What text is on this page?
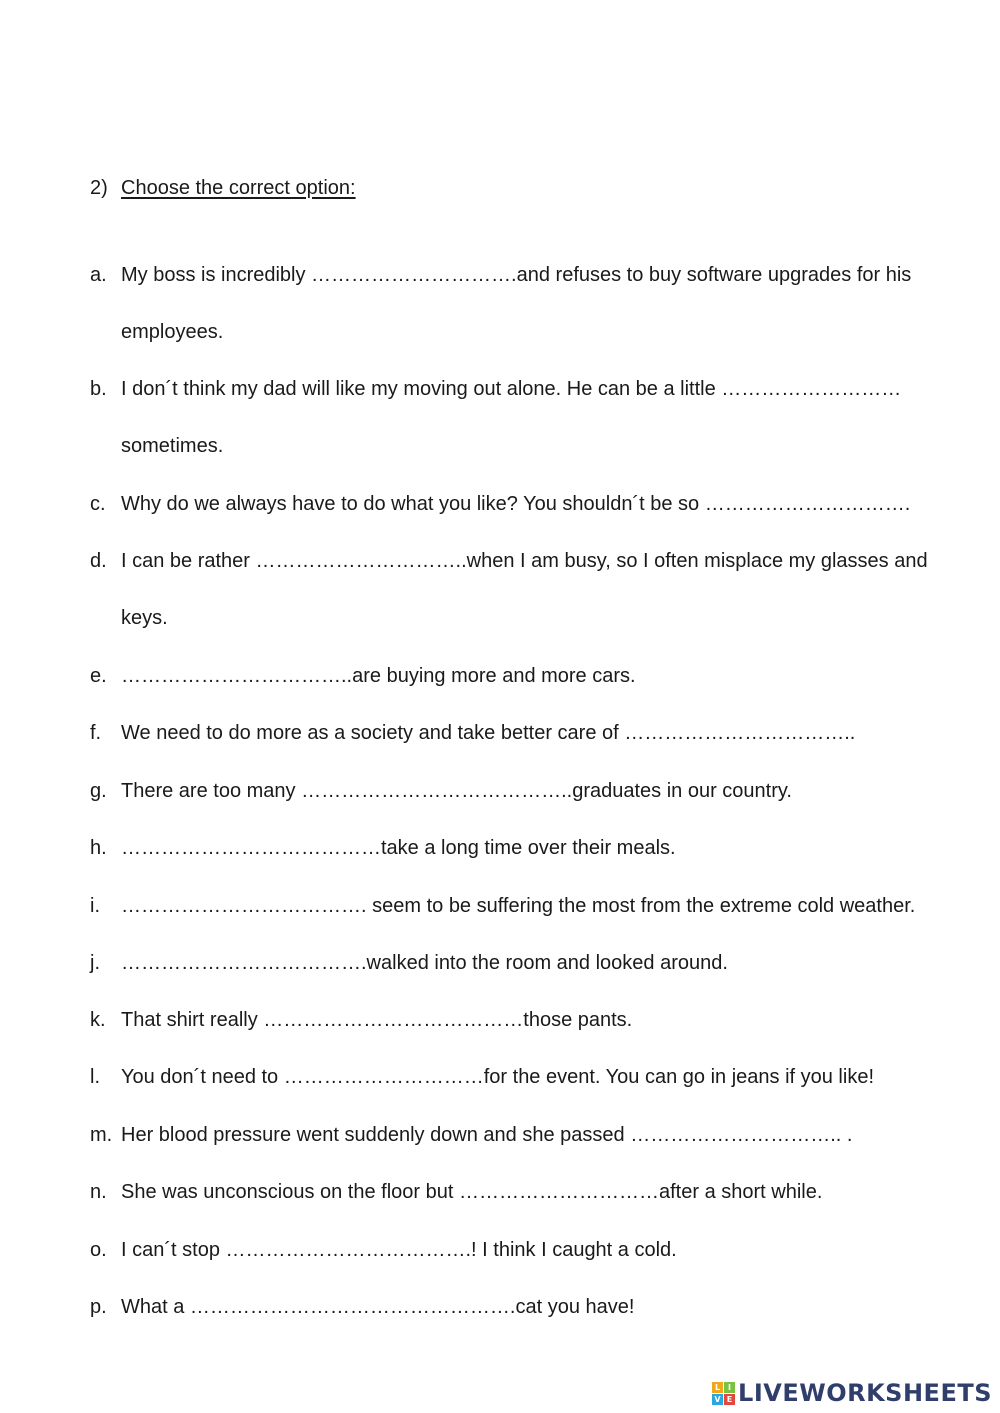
2) Choose the correct option:
a. My boss is incredibly ………………………….and refuses to buy software upgrades for his
employees.
b. I don´t think my dad will like my moving out alone. He can be a little ………………………
sometimes.
c. Why do we always have to do what you like? You shouldn´t be so ………………………….
d. I can be rather …………………………..when I am busy, so I often misplace my glasses and
keys.
e. ……………………………..are buying more and more cars.
f. We need to do more as a society and take better care of ……………………………..
g. There are too many …………………………………..graduates in our country.
h. …………………………………take a long time over their meals.
i.	………………………………. seem to be suffering the most from the extreme cold weather.
j.	……………………………….walked into the room and looked around.
k. That shirt really …………………………………those pants.
l.	You don´t need to …………………………for the event. You can go in jeans if you like!
m. Her blood pressure went suddenly down and she passed ………………………….. .
n. She was unconscious on the floor but …………………………after a short while.
o. I can´t stop ……………………………….! I think I caught a cold.
p. What a ………………………………………….cat you have!
L I
V E LIVEWORKSHEETS
